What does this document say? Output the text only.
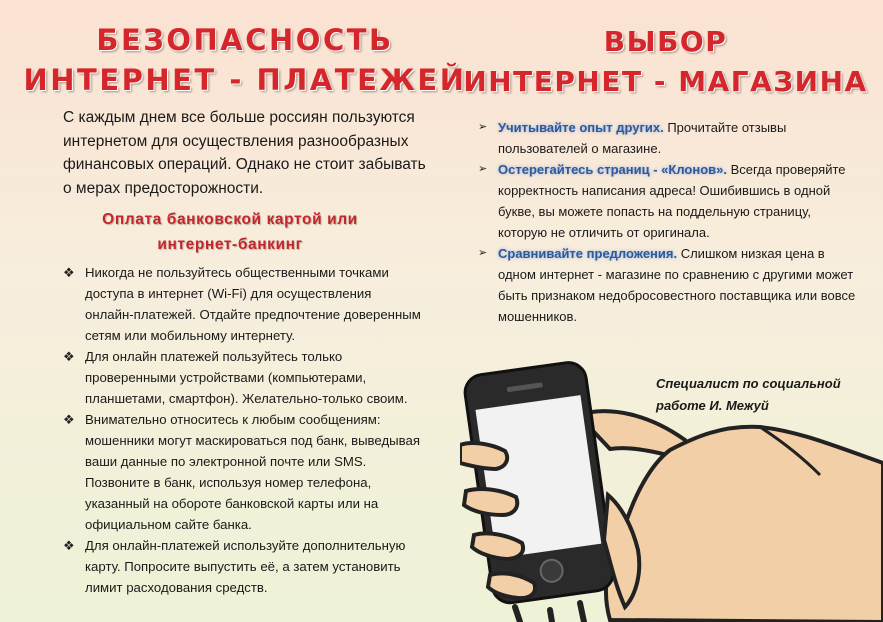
БЕЗОПАСНОСТЬ
ИНТЕРНЕТ - ПЛАТЕЖЕЙ
С каждым днем все больше россиян пользуются интернетом для осуществления разнообразных финансовых операций. Однако не стоит забывать о мерах предосторожности.
Оплата банковской картой или
интернет-банкинг
❖ Никогда не пользуйтесь общественными точками доступа в интернет (Wi-Fi) для осуществления онлайн-платежей. Отдайте предпочтение доверенным сетям или мобильному интернету.
❖ Для онлайн платежей пользуйтесь только проверенными устройствами (компьютерами, планшетами, смартфон). Желательно-только своим.
❖ Внимательно относитесь к любым сообщениям: мошенники могут маскироваться под банк, выведывая ваши данные по электронной почте или SMS. Позвоните в банк, используя номер телефона, указанный на обороте банковской карты или на официальном сайте банка.
❖ Для онлайн-платежей используйте дополнительную карту. Попросите выпустить её, а затем установить лимит расходования средств.
ВЫБОР
ИНТЕРНЕТ - МАГАЗИНА
➢ Учитывайте опыт других. Прочитайте отзывы пользователей о магазине.
➢ Остерегайтесь страниц - «Клонов». Всегда проверяйте корректность написания адреса! Ошибившись в одной букве, вы можете попасть на поддельную страницу, которую не отличить от оригинала.
➢ Сравнивайте предложения. Слишком низкая цена в одном интернет - магазине по сравнению с другими может быть признаком недобросовестного поставщика или вовсе мошенников.
Специалист по социальной
работе И. Межуй
